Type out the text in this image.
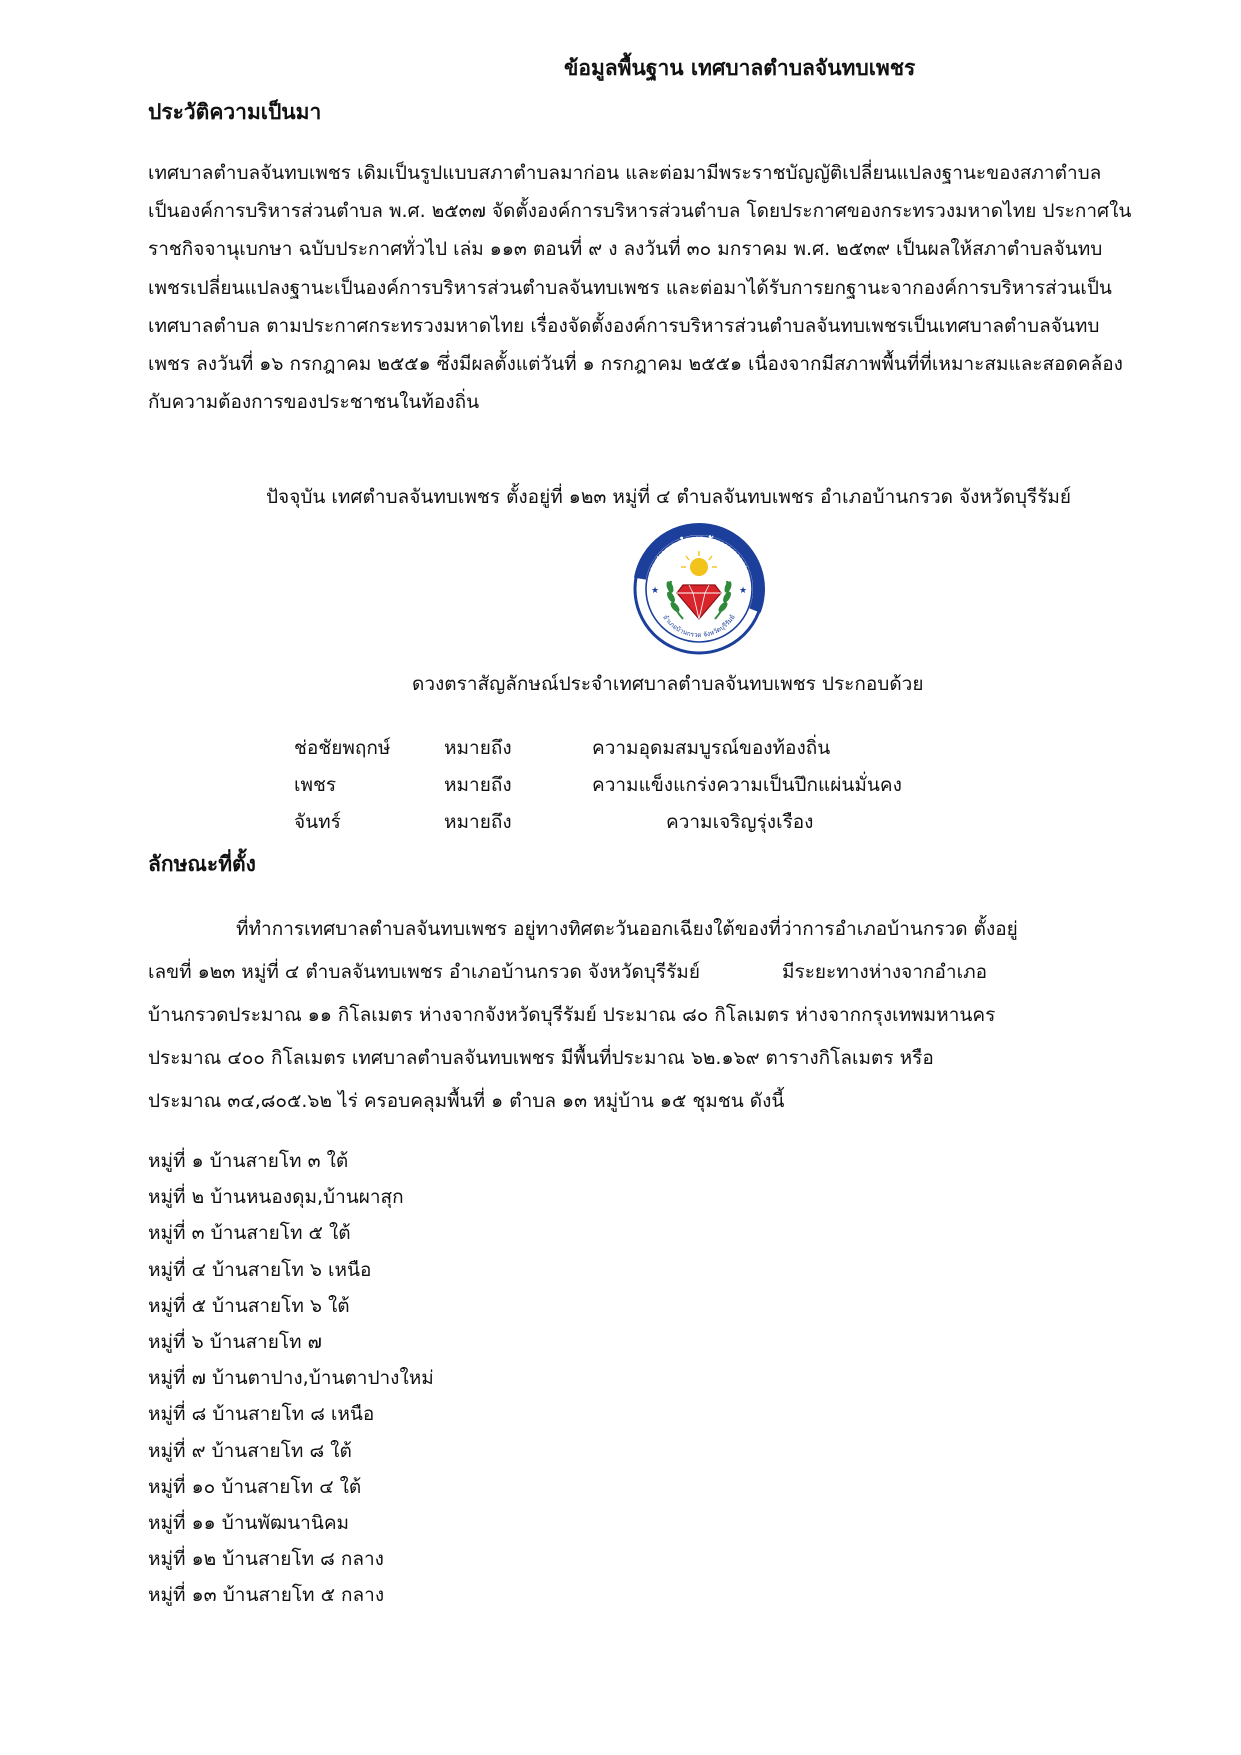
ข้อมูลพื้นฐาน เทศบาลตำบลจันทบเพชร
ประวัติความเป็นมา
เทศบาลตำบลจันทบเพชร เดิมเป็นรูปแบบสภาตำบลมาก่อน และต่อมามีพระราชบัญญัติเปลี่ยนแปลงฐานะของสภาตำบล
เป็นองค์การบริหารส่วนตำบล พ.ศ. ๒๕๓๗ จัดตั้งองค์การบริหารส่วนตำบล โดยประกาศของกระทรวงมหาดไทย ประกาศใน
ราชกิจจานุเบกษา ฉบับประกาศทั่วไป เล่ม ๑๑๓ ตอนที่ ๙ ง ลงวันที่ ๓๐ มกราคม พ.ศ. ๒๕๓๙ เป็นผลให้สภาตำบลจันทบ
เพชรเปลี่ยนแปลงฐานะเป็นองค์การบริหารส่วนตำบลจันทบเพชร และต่อมาได้รับการยกฐานะจากองค์การบริหารส่วนเป็น
เทศบาลตำบล ตามประกาศกระทรวงมหาดไทย เรื่องจัดตั้งองค์การบริหารส่วนตำบลจันทบเพชรเป็นเทศบาลตำบลจันทบ
เพชร ลงวันที่ ๑๖ กรกฎาคม ๒๕๕๑ ซึ่งมีผลตั้งแต่วันที่ ๑ กรกฎาคม ๒๕๕๑ เนื่องจากมีสภาพพื้นที่ที่เหมาะสมและสอดคล้อง
กับความต้องการของประชาชนในท้องถิ่น
ปัจจุบัน เทศตำบลจันทบเพชร ตั้งอยู่ที่ ๑๒๓ หมู่ที่ ๔ ตำบลจันทบเพชร อำเภอบ้านกรวด จังหวัดบุรีรัมย์
เทศบาลตำบลจันทบเพชร
อำเภอบ้านกรวด จังหวัดบุรีรัมย์
★	★
ดวงตราสัญลักษณ์ประจำเทศบาลตำบลจันทบเพชร ประกอบด้วย
ช่อชัยพฤกษ์	หมายถึง	ความอุดมสมบูรณ์ของท้องถิ่น
เพชร	หมายถึง	ความแข็งแกร่งความเป็นปึกแผ่นมั่นคง
จันทร์	หมายถึง	ความเจริญรุ่งเรือง
ลักษณะที่ตั้ง
ที่ทำการเทศบาลตำบลจันทบเพชร อยู่ทางทิศตะวันออกเฉียงใต้ของที่ว่าการอำเภอบ้านกรวด ตั้งอยู่
เลขที่ ๑๒๓ หมู่ที่ ๔ ตำบลจันทบเพชร อำเภอบ้านกรวด จังหวัดบุรีรัมย์	มีระยะทางห่างจากอำเภอ
บ้านกรวดประมาณ ๑๑ กิโลเมตร ห่างจากจังหวัดบุรีรัมย์ ประมาณ ๘๐ กิโลเมตร ห่างจากกรุงเทพมหานคร
ประมาณ ๔๐๐ กิโลเมตร เทศบาลตำบลจันทบเพชร มีพื้นที่ประมาณ ๖๒.๑๖๙ ตารางกิโลเมตร หรือ
ประมาณ ๓๔,๘๐๕.๖๒ ไร่ ครอบคลุมพื้นที่ ๑ ตำบล ๑๓ หมู่บ้าน ๑๕ ชุมชน ดังนี้
หมู่ที่ ๑ บ้านสายโท ๓ ใต้
หมู่ที่ ๒ บ้านหนองดุม,บ้านผาสุก
หมู่ที่ ๓ บ้านสายโท ๕ ใต้
หมู่ที่ ๔ บ้านสายโท ๖ เหนือ
หมู่ที่ ๕ บ้านสายโท ๖ ใต้
หมู่ที่ ๖ บ้านสายโท ๗
หมู่ที่ ๗ บ้านตาปาง,บ้านตาปางใหม่
หมู่ที่ ๘ บ้านสายโท ๘ เหนือ
หมู่ที่ ๙ บ้านสายโท ๘ ใต้
หมู่ที่ ๑๐ บ้านสายโท ๔ ใต้
หมู่ที่ ๑๑ บ้านพัฒนานิคม
หมู่ที่ ๑๒ บ้านสายโท ๘ กลาง
หมู่ที่ ๑๓ บ้านสายโท ๕ กลาง
